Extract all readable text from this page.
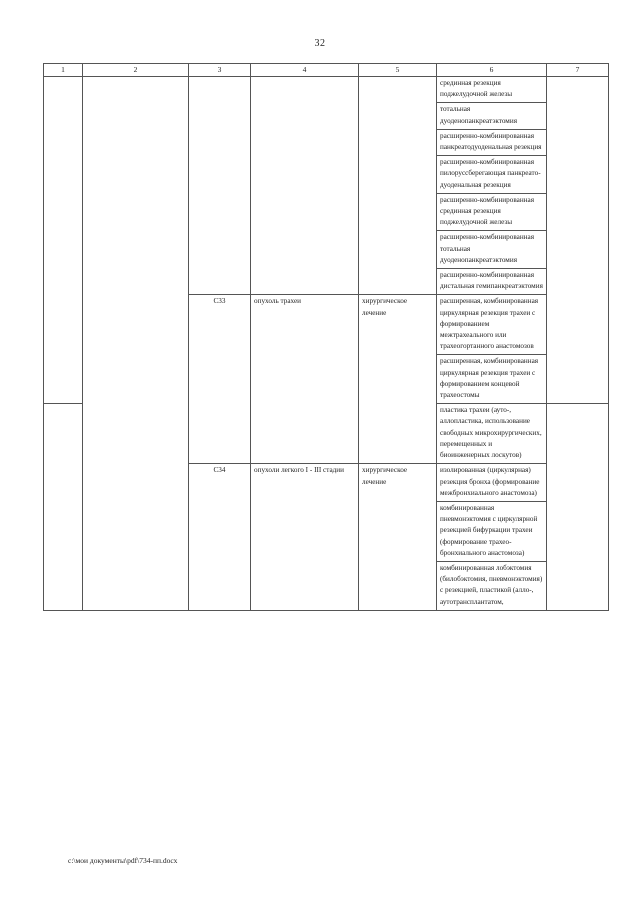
32
1	2	3	4	5	6	7
					срединная резекция поджелудочной железы	
					тотальная дуоденопанкреатэктомия	
					расширенно-комбинированная панкреатодуоденальная резекция	
					расширенно-комбинированная пилоруссберегающая панкреато-дуоденальная резекция	
					расширенно-комбинированная срединная резекция поджелудочной железы	
					расширенно-комбинированная тотальная дуоденопанкреатэктомия	
					расширенно-комбинированная дистальная гемипанкреатэктомия	
		C33	опухоль трахеи	хирургическое лечение	расширенная, комбинированная циркулярная резекция трахеи с формированием межтрахеального или трахеогортанного анастомозов	
					расширенная, комбинированная циркулярная резекция трахеи с формированием концевой трахеостомы	
					пластика трахеи (ауто-, аллопластика, использование свободных микрохирургических, перемещенных и биоинженерных лоскутов)	
		C34	опухоли легкого I - III стадии	хирургическое лечение	изолированная (циркулярная) резекция бронха (формирование межбронхиального анастомоза)	
					комбинированная пневмонэктомия с циркулярной резекцией бифуркации трахеи (формирование трахео-бронхиального анастомоза)	
					комбинированная лобэктомия (билобэктомия, пневмонэктомия) с резекцией, пластикой (алло-, аутотрансплантатом,	
c:\мои документы\pdf\734-пп.docx
